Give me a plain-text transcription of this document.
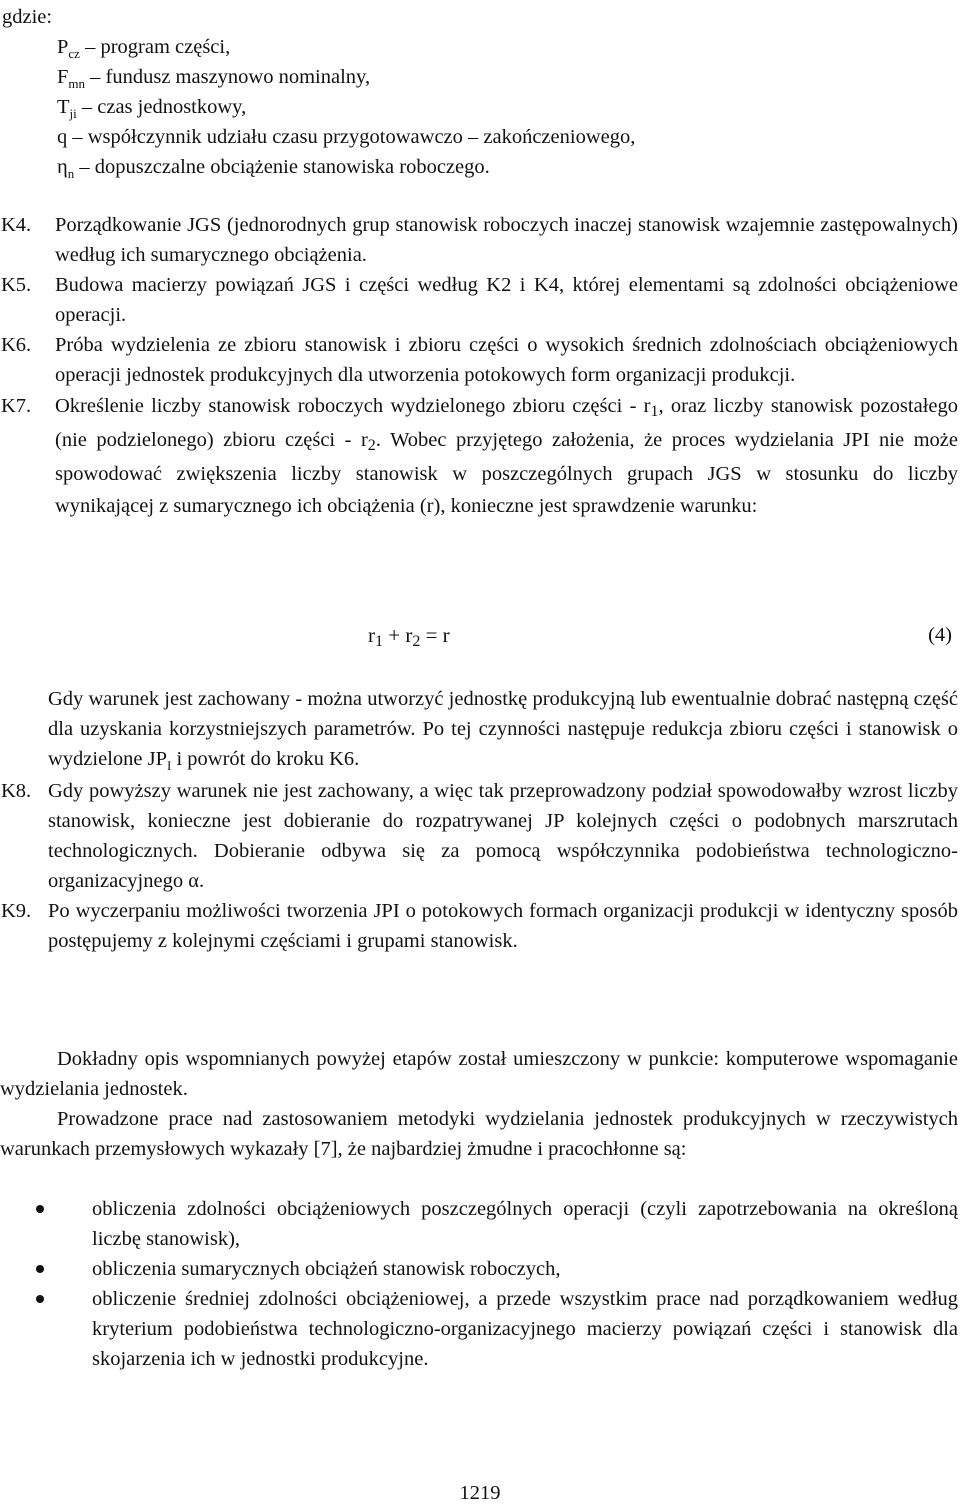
gdzie:
$P_{cz}$ – program części,
$F_{mn}$ – fundusz maszynowo nominalny,
$T_{ji}$ – czas jednostkowy,
q – współczynnik udziału czasu przygotowawczo – zakończeniowego,
$\eta_n$ – dopuszczalne obciążenie stanowiska roboczego.
K4. Porządkowanie JGS (jednorodnych grup stanowisk roboczych inaczej stanowisk wzajemnie zastępowalnych) według ich sumarycznego obciążenia.
K5. Budowa macierzy powiązań JGS i części według K2 i K4, której elementami są zdolności obciążeniowe operacji.
K6. Próba wydzielenia ze zbioru stanowisk i zbioru części o wysokich średnich zdolnościach obciążeniowych operacji jednostek produkcyjnych dla utworzenia potokowych form organizacji produkcji.
K7. Określenie liczby stanowisk roboczych wydzielonego zbioru części - r1, oraz liczby stanowisk pozostałego (nie podzielonego) zbioru części - r2. Wobec przyjętego założenia, że proces wydzielania JPI nie może spowodować zwiększenia liczby stanowisk w poszczególnych grupach JGS w stosunku do liczby wynikającej z sumarycznego ich obciążenia (r), konieczne jest sprawdzenie warunku:
r1 + r2 = r	(4)
Gdy warunek jest zachowany - można utworzyć jednostkę produkcyjną lub ewentualnie dobrać następną część dla uzyskania korzystniejszych parametrów. Po tej czynności następuje redukcja zbioru części i stanowisk o wydzielone $JP_I$ i powrót do kroku K6.
K8. Gdy powyższy warunek nie jest zachowany, a więc tak przeprowadzony podział spowodowałby wzrost liczby stanowisk, konieczne jest dobieranie do rozpatrywanej JP kolejnych części o podobnych marszrutach technologicznych. Dobieranie odbywa się za pomocą współczynnika podobieństwa technologiczno-organizacyjnego α.
K9. Po wyczerpaniu możliwości tworzenia JPI o potokowych formach organizacji produkcji w identyczny sposób postępujemy z kolejnymi częściami i grupami stanowisk.
Dokładny opis wspomnianych powyżej etapów został umieszczony w punkcie: komputerowe wspomaganie wydzielania jednostek.
Prowadzone prace nad zastosowaniem metodyki wydzielania jednostek produkcyjnych w rzeczywistych warunkach przemysłowych wykazały [7], że najbardziej żmudne i pracochłonne są:
obliczenia zdolności obciążeniowych poszczególnych operacji (czyli zapotrzebowania na określoną liczbę stanowisk),
obliczenia sumarycznych obciążeń stanowisk roboczych,
obliczenie średniej zdolności obciążeniowej, a przede wszystkim prace nad porządkowaniem według kryterium podobieństwa technologiczno-organizacyjnego macierzy powiązań części i stanowisk dla skojarzenia ich w jednostki produkcyjne.
1219
